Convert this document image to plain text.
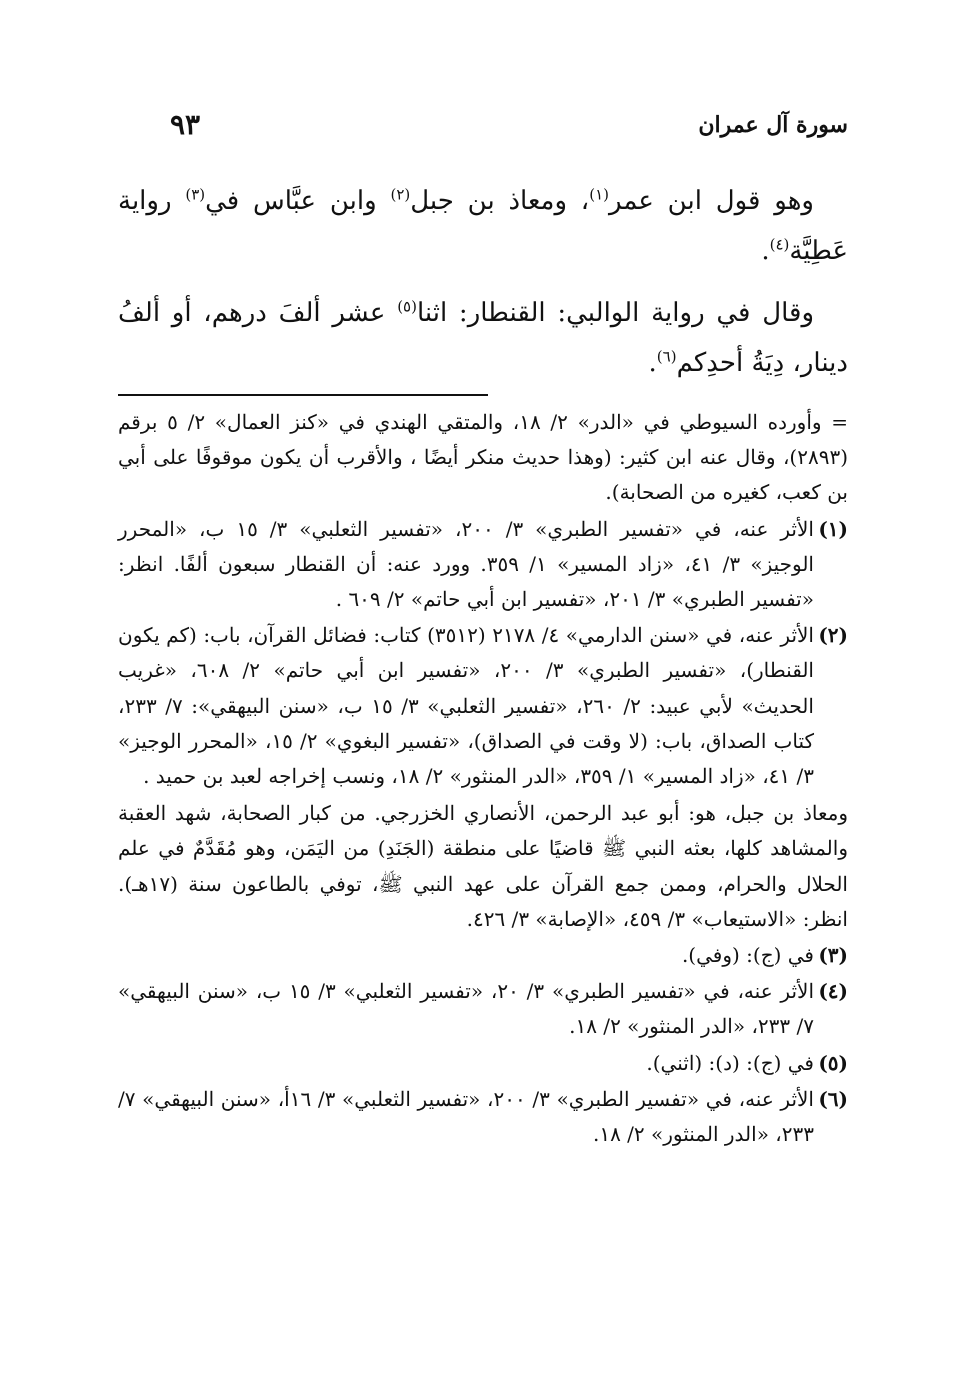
سورة آل عمران
٩٣

وهو قول ابن عمر$^{(١)}$، ومعاذ بن جبل$^{(٢)}$ وابن عبَّاس في$^{(٣)}$ رواية عَطِيَّة$^{(٤)}$.

وقال في رواية الوالبي: القنطار: اثنا$^{(٥)}$ عشر ألفَ درهم، أو ألفُ دينار، دِيَةُ أحدِكم$^{(٦)}$.

= وأورده السيوطي في «الدر» ٢/ ١٨، والمتقي الهندي في «كنز العمال» ٢/ ٥ برقم (٢٨٩٣)، وقال عنه ابن كثير: (وهذا حديث منكر أيضًا ، والأقرب أن يكون موقوفًا على أبي بن كعب، كغيره من الصحابة).
(١)
الأثر عنه، في «تفسير الطبري» ٣/ ٢٠٠، «تفسير الثعلبي» ٣/ ١٥ ب، «المحرر الوجيز» ٣/ ٤١، «زاد المسير» ١/ ٣٥٩. وورد عنه: أن القنطار سبعون ألفًا. انظر: «تفسير الطبري» ٣/ ٢٠١، «تفسير ابن أبي حاتم» ٢/ ٦٠٩ .
(٢)
الأثر عنه، في «سنن الدارمي» ٤/ ٢١٧٨ (٣٥١٢) كتاب: فضائل القرآن، باب: (كم يكون القنطار)، «تفسير الطبري» ٣/ ٢٠٠، «تفسير ابن أبي حاتم» ٢/ ٦٠٨، «غريب الحديث» لأبي عبيد: ٢/ ٢٦٠، «تفسير الثعلبي» ٣/ ١٥ ب، «سنن البيهقي»: ٧/ ٢٣٣، كتاب الصداق، باب: (لا وقت في الصداق)، «تفسير البغوي» ٢/ ١٥، «المحرر الوجيز» ٣/ ٤١، «زاد المسير» ١/ ٣٥٩، «الدر المنثور» ٢/ ١٨، ونسب إخراجه لعبد بن حميد .
ومعاذ بن جبل، هو: أبو عبد الرحمن، الأنصاري الخزرجي. من كبار الصحابة، شهد العقبة والمشاهد كلها، بعثه النبي ﷺ قاضيًا على منطقة (الجَنَدِ) من اليَمَن، وهو مُقَدَّمٌ في علم الحلال والحرام، وممن جمع القرآن على عهد النبي ﷺ، توفي بالطاعون سنة (١٧هـ). انظر: «الاستيعاب» ٣/ ٤٥٩، «الإصابة» ٣/ ٤٢٦.
(٣)
في (ج): (وفي).
(٤)
الأثر عنه، في «تفسير الطبري» ٣/ ٢٠، «تفسير الثعلبي» ٣/ ١٥ ب، «سنن البيهقي» ٧/ ٢٣٣، «الدر المنثور» ٢/ ١٨.
(٥)
في (ج): (د): (اثني).
(٦)
الأثر عنه، في «تفسير الطبري» ٣/ ٢٠٠، «تفسير الثعلبي» ٣/ ١٦أ، «سنن البيهقي» ٧/ ٢٣٣، «الدر المنثور» ٢/ ١٨.
